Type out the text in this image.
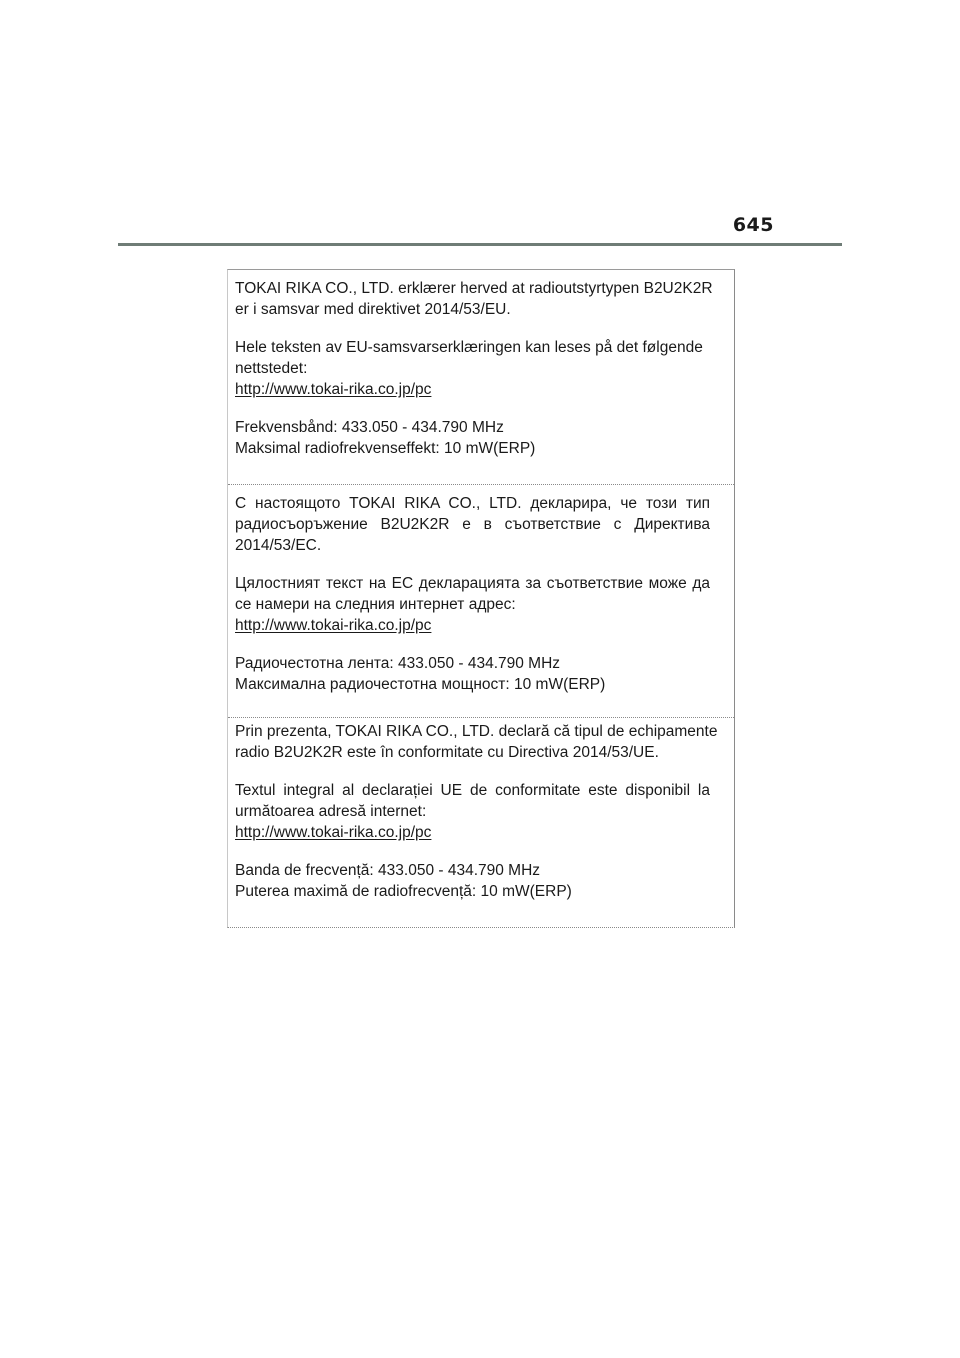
645
TOKAI RIKA CO., LTD. erklærer herved at radioutstyrtypen B2U2K2R
er i samsvar med direktivet 2014/53/EU.
Hele teksten av EU-samsvarserklæringen kan leses på det følgende
nettstedet:
http://www.tokai-rika.co.jp/pc
Frekvensbånd: 433.050 - 434.790 MHz
Maksimal radiofrekvenseffekt: 10 mW(ERP)
С настоящото TOKAI RIKA CO., LTD. декларира, че този тип
радиосъоръжение B2U2K2R е в съответствие с Директива
2014/53/ЕС.
Цялостният текст на ЕС декларацията за съответствие може да
се намери на следния интернет адрес:
http://www.tokai-rika.co.jp/pc
Радиочестотна лента: 433.050 - 434.790 MHz
Максимална радиочестотна мощност: 10 mW(ERP)
Prin prezenta, TOKAI RIKA CO., LTD. declară că tipul de echipamente
radio B2U2K2R este în conformitate cu Directiva 2014/53/UE.
Textul integral al declarației UE de conformitate este disponibil la
următoarea adresă internet:
http://www.tokai-rika.co.jp/pc
Banda de frecvență: 433.050 - 434.790 MHz
Puterea maximă de radiofrecvență: 10 mW(ERP)
